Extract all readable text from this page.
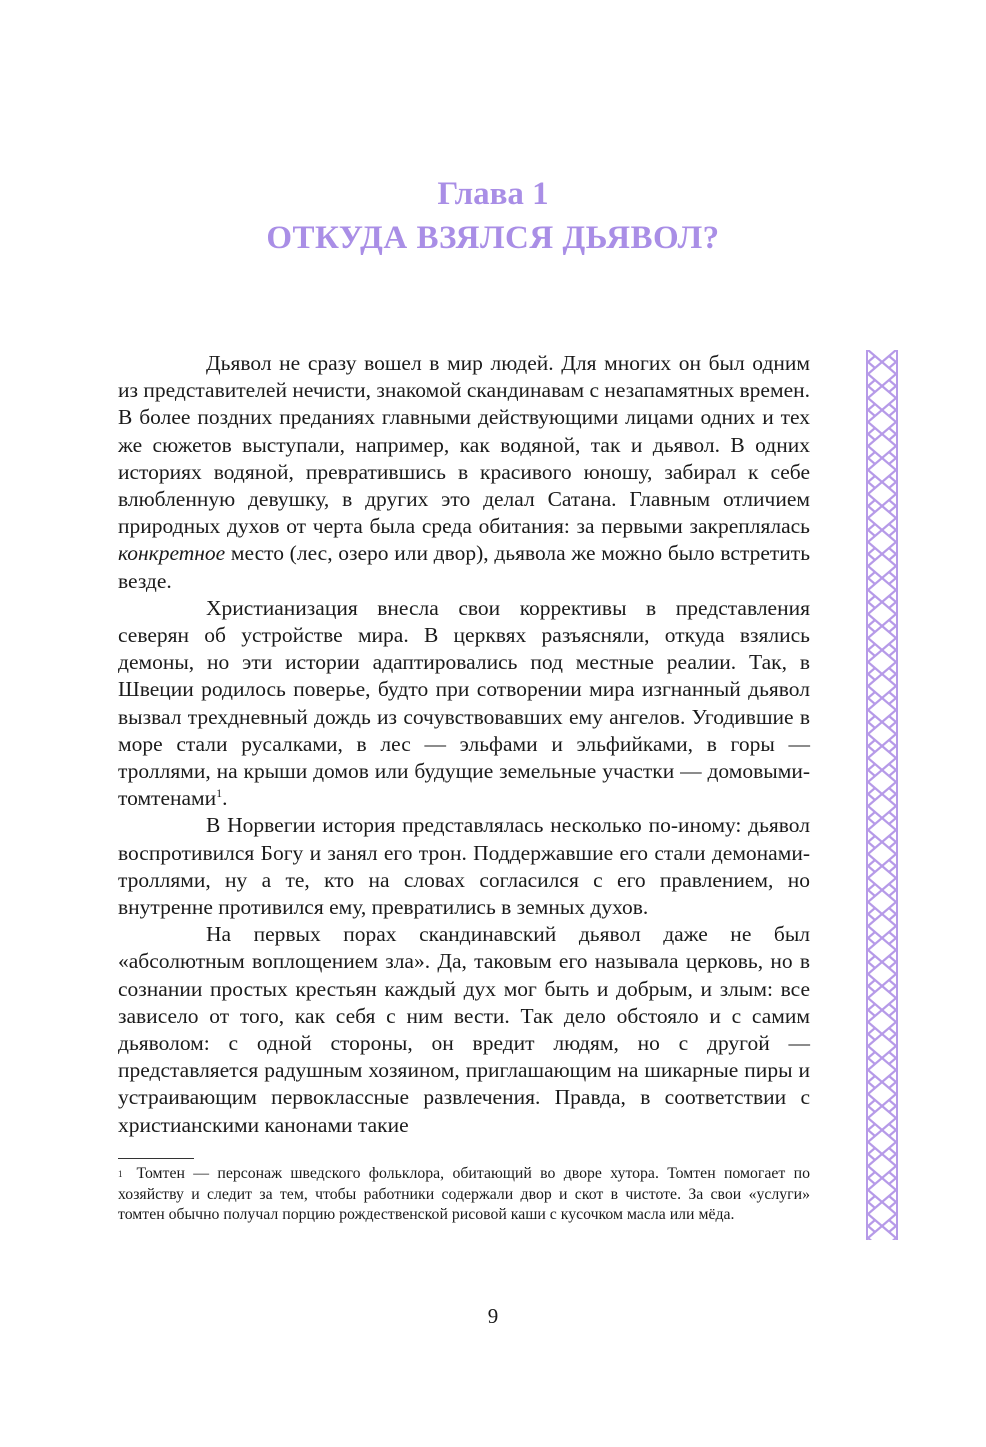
Глава 1
ОТКУДА ВЗЯЛСЯ ДЬЯВОЛ?

Дьявол не сразу вошел в мир людей. Для многих он был одним из представителей нечисти, знакомой скандинавам с незапамятных времен. В более поздних преданиях главными действующими лицами одних и тех же сюжетов выступали, например, как водяной, так и дьявол. В одних историях водяной, превратившись в красивого юношу, забирал к себе влюбленную девушку, в других это делал Сатана. Главным отличием природных духов от черта была среда обитания: за первыми закреплялась конкретное место (лес, озеро или двор), дьявола же можно было встретить везде.

Христианизация внесла свои коррективы в представления северян об устройстве мира. В церквях разъясняли, откуда взялись демоны, но эти истории адаптировались под местные реалии. Так, в Швеции родилось поверье, будто при сотворении мира изгнанный дьявол вызвал трехдневный дождь из сочувствовавших ему ангелов. Угодившие в море стали русалками, в лес — эльфами и эльфийками, в горы — троллями, на крыши домов или будущие земельные участки — домовыми-томтенами$^1$.

В Норвегии история представлялась несколько по-иному: дьявол воспротивился Богу и занял его трон. Поддержавшие его стали демонами-троллями, ну а те, кто на словах согласился с его правлением, но внутренне противился ему, превратились в земных духов.

На первых порах скандинавский дьявол даже не был «абсолютным воплощением зла». Да, таковым его называла церковь, но в сознании простых крестьян каждый дух мог быть и добрым, и злым: все зависело от того, как себя с ним вести. Так дело обстояло и с самим дьяволом: с одной стороны, он вредит людям, но с другой — представляется радушным хозяином, приглашающим на шикарные пиры и устраивающим первоклассные развлечения. Правда, в соответствии с христианскими канонами такие

$^1$ Томтен — персонаж шведского фольклора, обитающий во дворе хутора. Томтен помогает по хозяйству и следит за тем, чтобы работники содержали двор и скот в чистоте. За свои «услуги» томтен обычно получал порцию рождественской рисовой каши с кусочком масла или мёда.
9
